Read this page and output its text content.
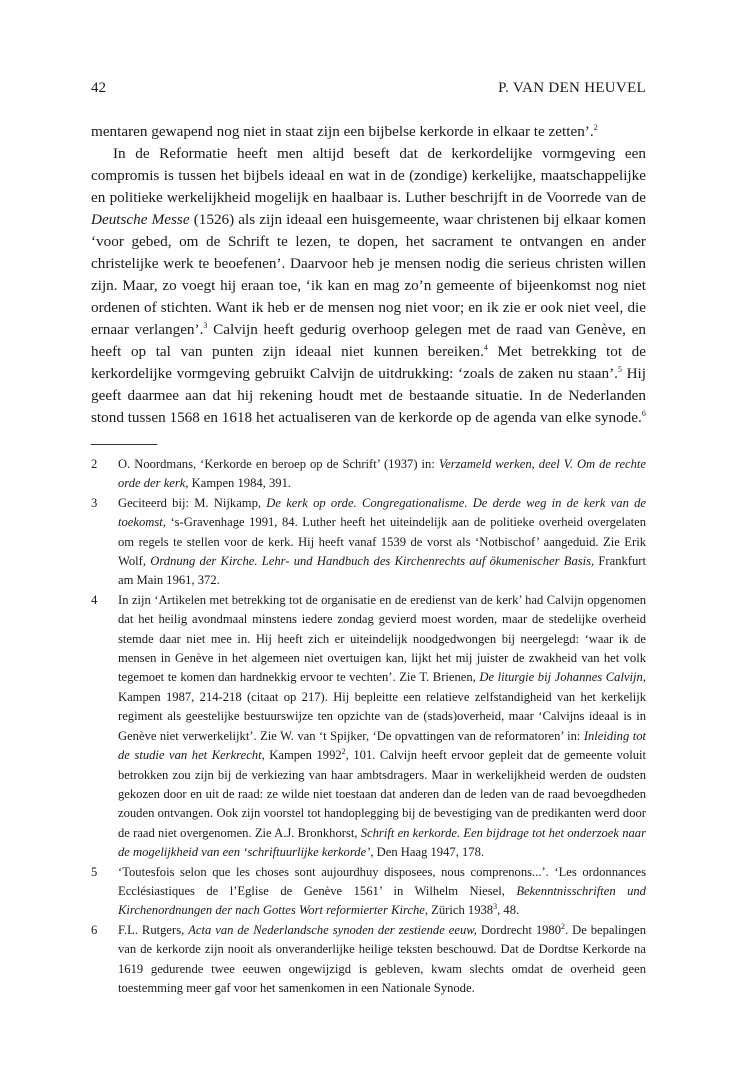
42	P. VAN DEN HEUVEL

mentaren gewapend nog niet in staat zijn een bijbelse kerkorde in elkaar te zetten’.$^2$

In de Reformatie heeft men altijd beseft dat de kerkordelijke vormgeving een compromis is tussen het bijbels ideaal en wat in de (zondige) kerkelijke, maatschappelijke en politieke werkelijkheid mogelijk en haalbaar is. Luther beschrijft in de Voorrede van de Deutsche Messe (1526) als zijn ideaal een huisgemeente, waar christenen bij elkaar komen ‘voor gebed, om de Schrift te lezen, te dopen, het sacrament te ontvangen en ander christelijke werk te beoefenen’. Daarvoor heb je mensen nodig die serieus christen willen zijn. Maar, zo voegt hij eraan toe, ‘ik kan en mag zo’n gemeente of bijeenkomst nog niet ordenen of stichten. Want ik heb er de mensen nog niet voor; en ik zie er ook niet veel, die ernaar verlangen’.$^3$ Calvijn heeft gedurig overhoop gelegen met de raad van Genève, en heeft op tal van punten zijn ideaal niet kunnen bereiken.$^4$ Met betrekking tot de kerkordelijke vormgeving gebruikt Calvijn de uitdrukking: ‘zoals de zaken nu staan’.$^5$ Hij geeft daarmee aan dat hij rekening houdt met de bestaande situatie. In de Nederlanden stond tussen 1568 en 1618 het actualiseren van de kerkorde op de agenda van elke synode.$^6$

2	O. Noordmans, ‘Kerkorde en beroep op de Schrift’ (1937) in: Verzameld werken, deel V. Om de rechte orde der kerk, Kampen 1984, 391.
3	Geciteerd bij: M. Nijkamp, De kerk op orde. Congregationalisme. De derde weg in de kerk van de toekomst, ‘s-Gravenhage 1991, 84. Luther heeft het uiteindelijk aan de politieke overheid overgelaten om regels te stellen voor de kerk. Hij heeft vanaf 1539 de vorst als ‘Notbischof’ aangeduid. Zie Erik Wolf, Ordnung der Kirche. Lehr- und Handbuch des Kirchenrechts auf ökumenischer Basis, Frankfurt am Main 1961, 372.
4	In zijn ‘Artikelen met betrekking tot de organisatie en de eredienst van de kerk’ had Calvijn opgenomen dat het heilig avondmaal minstens iedere zondag gevierd moest worden, maar de stedelijke overheid stemde daar niet mee in. Hij heeft zich er uiteindelijk noodgedwongen bij neergelegd: ‘waar ik de mensen in Genève in het algemeen niet overtuigen kan, lijkt het mij juister de zwakheid van het volk tegemoet te komen dan hardnekkig ervoor te vechten’. Zie T. Brienen, De liturgie bij Johannes Calvijn, Kampen 1987, 214-218 (citaat op 217). Hij bepleitte een relatieve zelfstandigheid van het kerkelijk regiment als geestelijke bestuurswijze ten opzichte van de (stads)overheid, maar ‘Calvijns ideaal is in Genève niet verwerkelijkt’. Zie W. van ‘t Spijker, ‘De opvattingen van de reformatoren’ in: Inleiding tot de studie van het Kerkrecht, Kampen 1992$^2$, 101. Calvijn heeft ervoor gepleit dat de gemeente voluit betrokken zou zijn bij de verkiezing van haar ambtsdragers. Maar in werkelijkheid werden de oudsten gekozen door en uit de raad: ze wilde niet toestaan dat anderen dan de leden van de raad bevoegdheden zouden ontvangen. Ook zijn voorstel tot handoplegging bij de bevestiging van de predikanten werd door de raad niet overgenomen. Zie A.J. Bronkhorst, Schrift en kerkorde. Een bijdrage tot het onderzoek naar de mogelijkheid van een ‘schriftuurlijke kerkorde’, Den Haag 1947, 178.
5	‘Toutesfois selon que les choses sont aujourdhuy disposees, nous comprenons...’. ‘Les ordonnances Ecclésiastiques de l’Eglise de Genève 1561’ in Wilhelm Niesel, Bekenntnisschriften und Kirchenordnungen der nach Gottes Wort reformierter Kirche, Zürich 1938$^3$, 48.
6	F.L. Rutgers, Acta van de Nederlandsche synoden der zestiende eeuw, Dordrecht 1980$^2$. De bepalingen van de kerkorde zijn nooit als onveranderlijke heilige teksten beschouwd. Dat de Dordtse Kerkorde na 1619 gedurende twee eeuwen ongewijzigd is gebleven, kwam slechts omdat de overheid geen toestemming meer gaf voor het samenkomen in een Nationale Synode.
